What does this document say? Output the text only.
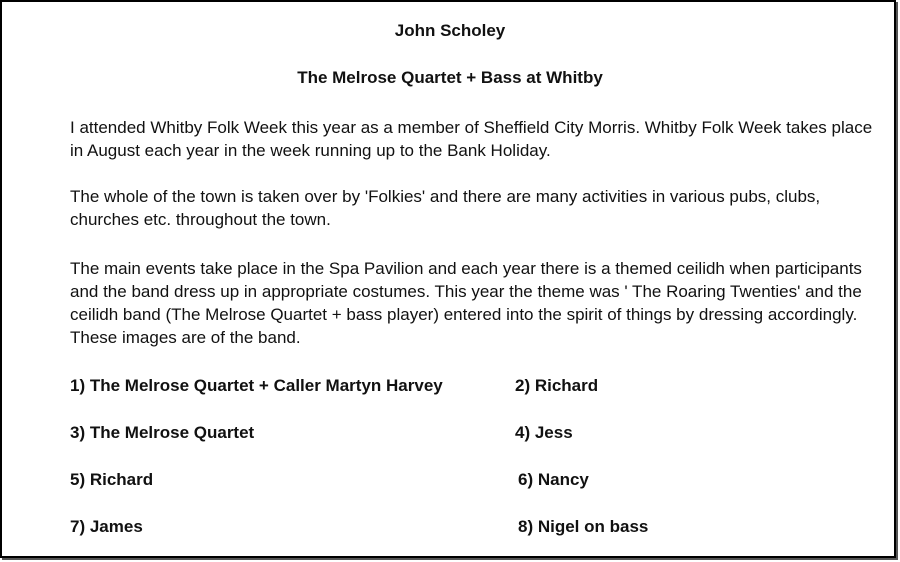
John Scholey
The Melrose Quartet + Bass at Whitby

I attended Whitby Folk Week this year as a member of Sheffield City Morris. Whitby Folk Week takes place in August each year in the week running up to the Bank Holiday.

The whole of the town is taken over by 'Folkies' and there are many activities in various pubs, clubs, churches etc. throughout the town.

The main events take place in the Spa Pavilion and each year there is a themed ceilidh when participants and the band dress up in appropriate costumes. This year the theme was ' The Roaring Twenties' and the ceilidh band (The Melrose Quartet + bass player) entered into the spirit of things by dressing accordingly. These images are of the band.

1) The Melrose Quartet + Caller Martyn Harvey	2) Richard
3) The Melrose Quartet	4) Jess
5) Richard	6) Nancy
7) James	8) Nigel on bass
